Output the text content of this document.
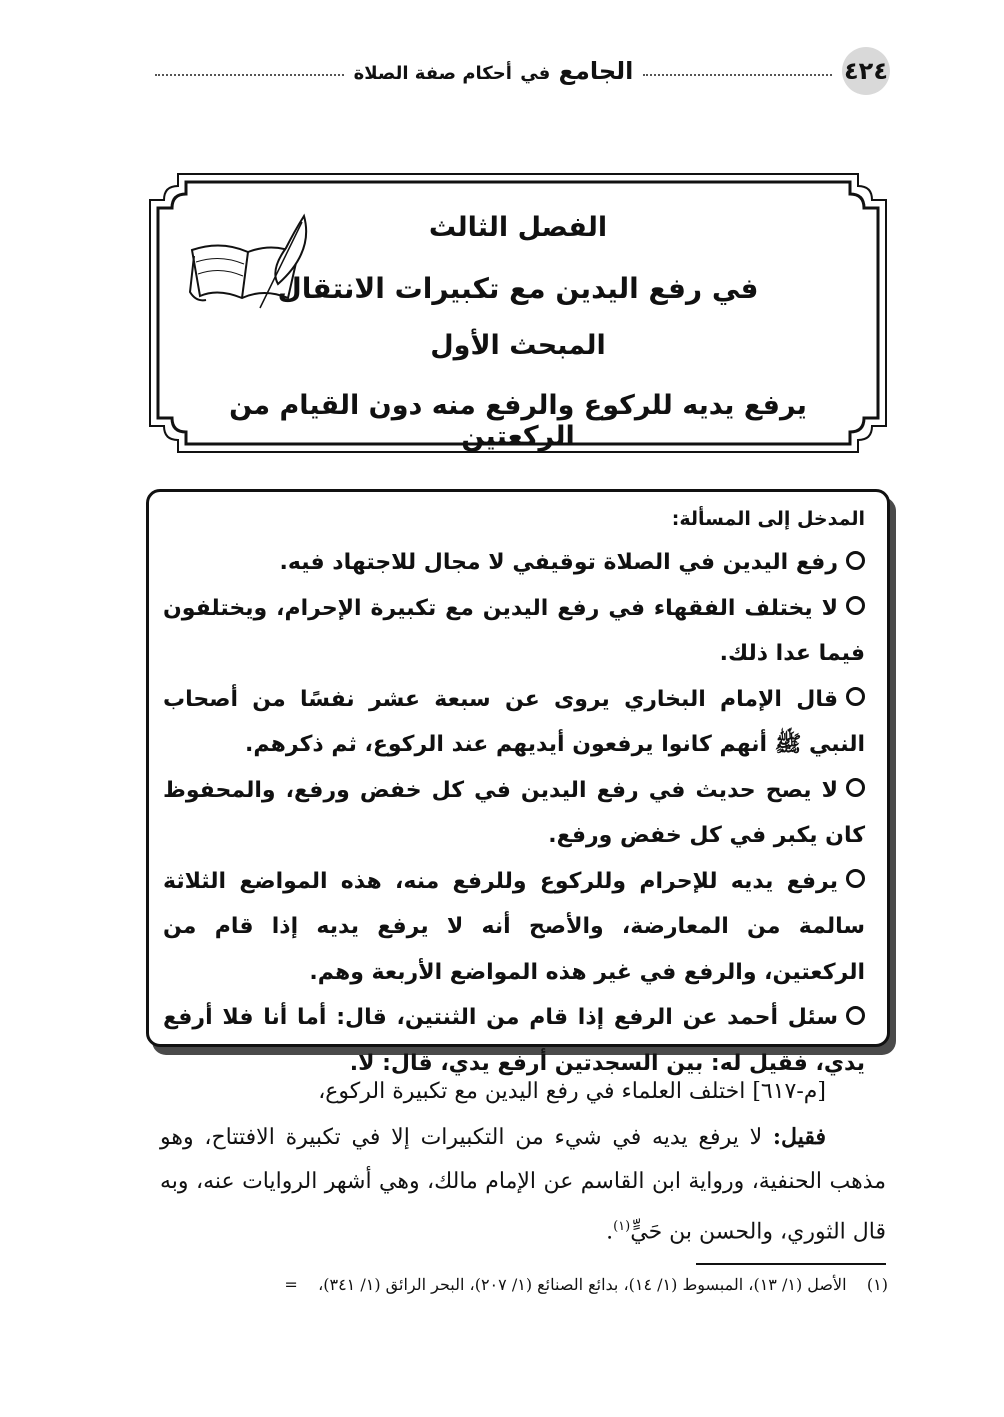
٤٢٤
الجامع في أحكام صفة الصلاة
الفصل الثالث
في رفع اليدين مع تكبيرات الانتقال
المبحث الأول
يرفع يديه للركوع والرفع منه دون القيام من الركعتين
المدخل إلى المسألة:
رفع اليدين في الصلاة توقيفي لا مجال للاجتهاد فيه.
لا يختلف الفقهاء في رفع اليدين مع تكبيرة الإحرام، ويختلفون فيما عدا ذلك.
قال الإمام البخاري يروى عن سبعة عشر نفسًا من أصحاب النبي ﷺ أنهم كانوا يرفعون أيديهم عند الركوع، ثم ذكرهم.
لا يصح حديث في رفع اليدين في كل خفض ورفع، والمحفوظ كان يكبر في كل خفض ورفع.
يرفع يديه للإحرام وللركوع وللرفع منه، هذه المواضع الثلاثة سالمة من المعارضة، والأصح أنه لا يرفع يديه إذا قام من الركعتين، والرفع في غير هذه المواضع الأربعة وهم.
سئل أحمد عن الرفع إذا قام من الثنتين، قال: أما أنا فلا أرفع يدي، فقيل له: بين السجدتين أرفع يدي، قال: لا.
[م-٦١٧] اختلف العلماء في رفع اليدين مع تكبيرة الركوع،
فقيل: لا يرفع يديه في شيء من التكبيرات إلا في تكبيرة الافتتاح، وهو مذهب الحنفية، ورواية ابن القاسم عن الإمام مالك، وهي أشهر الروايات عنه، وبه قال الثوري، والحسن بن حَيٍّ$^{(١)}$.
(١)    الأصل (١/ ١٣)، المبسوط (١/ ١٤)، بدائع الصنائع (١/ ٢٠٧)، البحر الرائق (١/ ٣٤١)،    =
